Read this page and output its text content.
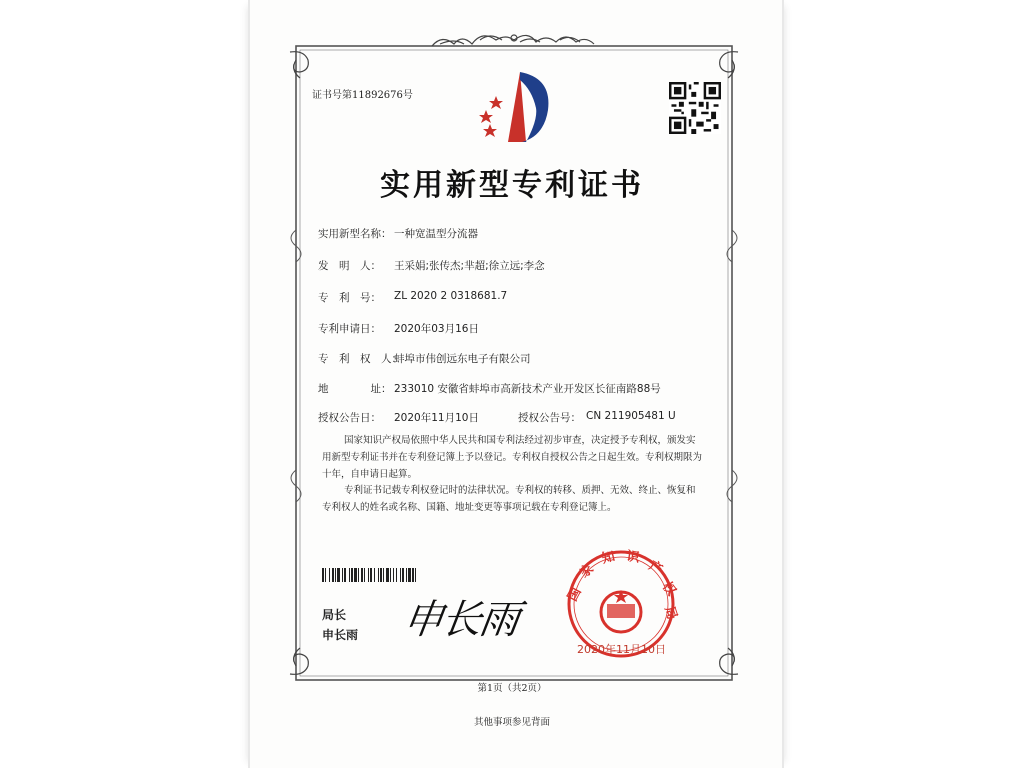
证书号第11892676号
实用新型专利证书
实用新型名称： 一种宽温型分流器
发　明　人： 王采娟;张传杰;芈超;徐立远;李念
专　利　号： ZL 2020 2 0318681.7
专利申请日： 2020年03月16日
专　利　权　人：
蚌埠市伟创远东电子有限公司
地　　　　址： 233010 安徽省蚌埠市高新技术产业开发区长征南路88号
授权公告日： 2020年11月10日	授权公告号： CN 211905481 U
国家知识产权局依照中华人民共和国专利法经过初步审查，决定授予专利权，颁发实用新型专利证书并在专利登记簿上予以登记。专利权自授权公告之日起生效。专利权期限为十年，自申请日起算。
专利证书记载专利权登记时的法律状况。专利权的转移、质押、无效、终止、恢复和专利权人的姓名或名称、国籍、地址变更等事项记载在专利登记簿上。
局长
申长雨 申长雨
国
家
知 识
产
权
局
2020年11月10日
第1页（共2页）
其他事项参见背面
